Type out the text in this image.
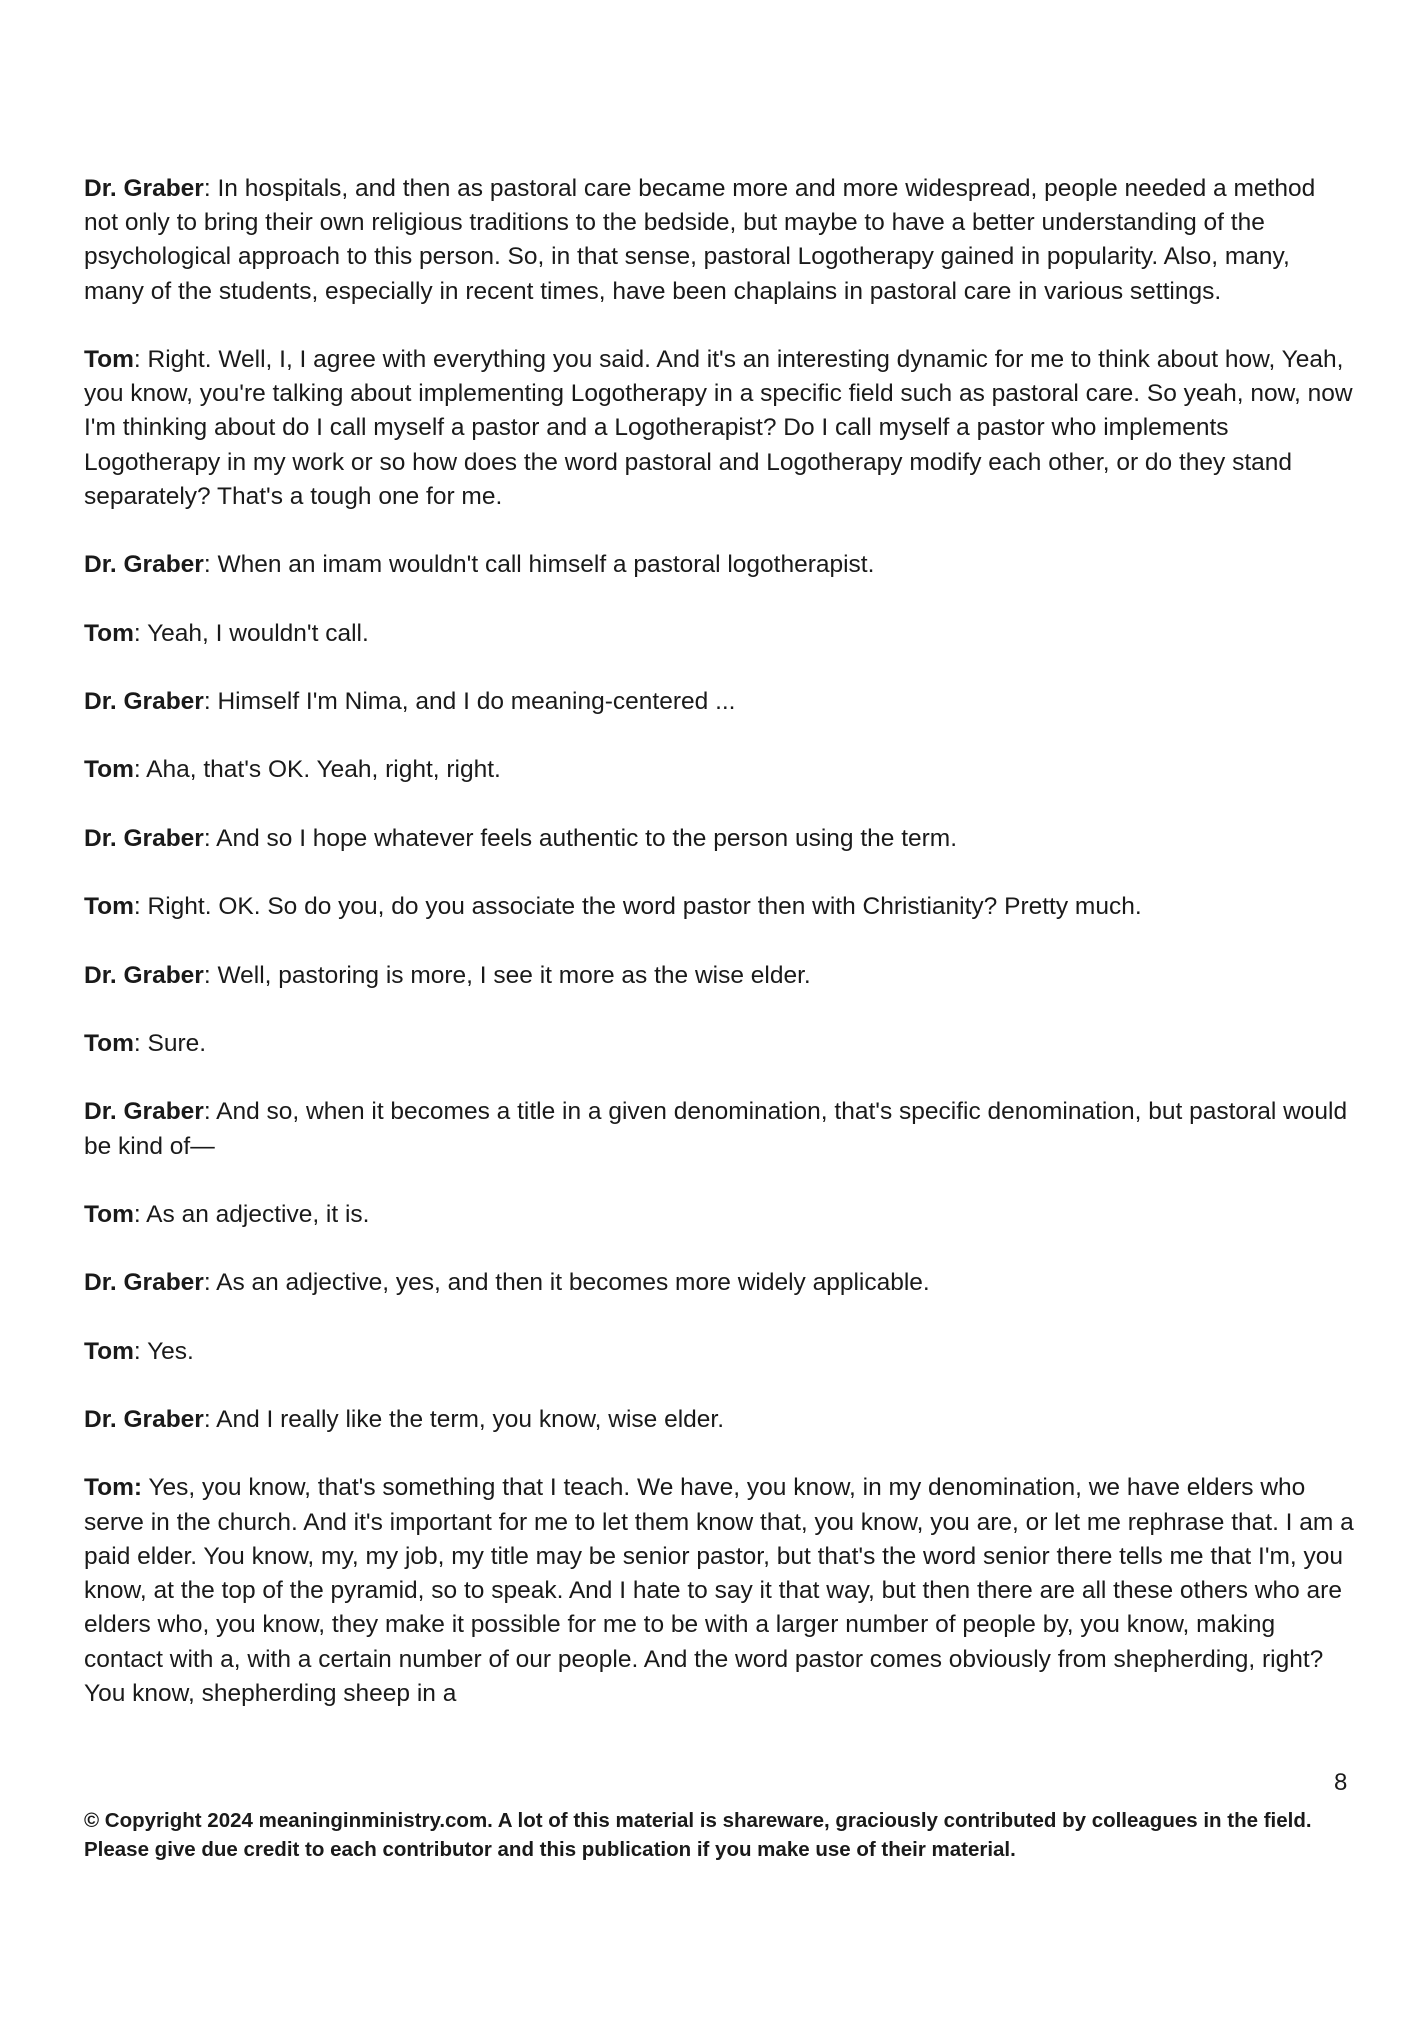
Dr. Graber: In hospitals, and then as pastoral care became more and more widespread, people needed a method not only to bring their own religious traditions to the bedside, but maybe to have a better understanding of the psychological approach to this person. So, in that sense, pastoral Logotherapy gained in popularity. Also, many, many of the students, especially in recent times, have been chaplains in pastoral care in various settings.

Tom: Right. Well, I, I agree with everything you said. And it's an interesting dynamic for me to think about how, Yeah, you know, you're talking about implementing Logotherapy in a specific field such as pastoral care. So yeah, now, now I'm thinking about do I call myself a pastor and a Logotherapist? Do I call myself a pastor who implements Logotherapy in my work or so how does the word pastoral and Logotherapy modify each other, or do they stand separately? That's a tough one for me.

Dr. Graber: When an imam wouldn't call himself a pastoral logotherapist.

Tom: Yeah, I wouldn't call.

Dr. Graber: Himself I'm Nima, and I do meaning-centered ...

Tom: Aha, that's OK. Yeah, right, right.

Dr. Graber: And so I hope whatever feels authentic to the person using the term.

Tom: Right. OK. So do you, do you associate the word pastor then with Christianity? Pretty much.

Dr. Graber: Well, pastoring is more, I see it more as the wise elder.

Tom: Sure.

Dr. Graber: And so, when it becomes a title in a given denomination, that's specific denomination, but pastoral would be kind of—

Tom: As an adjective, it is.

Dr. Graber: As an adjective, yes, and then it becomes more widely applicable.

Tom: Yes.

Dr. Graber: And I really like the term, you know, wise elder.

Tom: Yes, you know, that's something that I teach. We have, you know, in my denomination, we have elders who serve in the church. And it's important for me to let them know that, you know, you are, or let me rephrase that. I am a paid elder. You know, my, my job, my title may be senior pastor, but that's the word senior there tells me that I'm, you know, at the top of the pyramid, so to speak. And I hate to say it that way, but then there are all these others who are elders who, you know, they make it possible for me to be with a larger number of people by, you know, making contact with a, with a certain number of our people. And the word pastor comes obviously from shepherding, right? You know, shepherding sheep in a

8
© Copyright 2024 meaninginministry.com. A lot of this material is shareware, graciously contributed by colleagues in the field. Please give due credit to each contributor and this publication if you make use of their material.
